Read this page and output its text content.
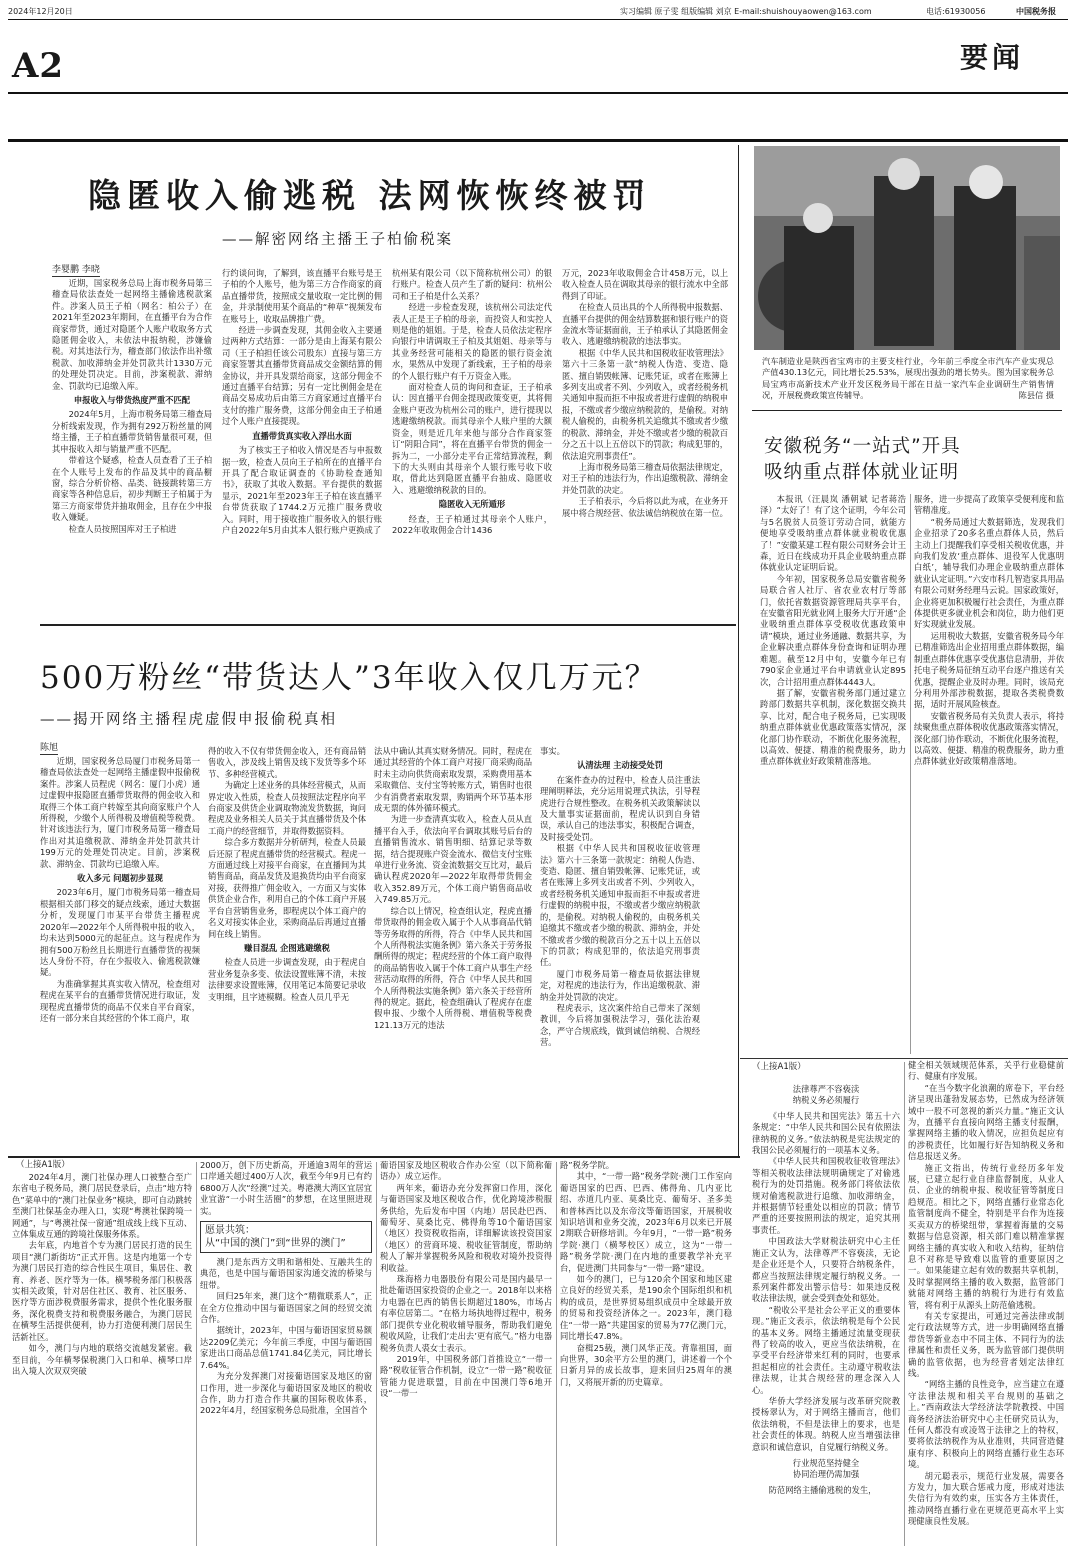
2024年12月20日	实习编辑 原子雯 组版编辑 刘京 E-mail:shuishouyaowen@163.com	电话:61930056	中国税务报
A2	要闻
隐匿收入偷逃税 法网恢恢终被罚
——解密网络主播王子柏偷税案
李婴鹏 李晓

近期，国家税务总局上海市税务局第三稽查局依法查处一起网络主播偷逃税款案件。涉案人员王子柏（网名：柏公子）在2021年至2023年期间，在直播平台为合作商家带货，通过对隐匿个人账户收取务方式隐匿佣金收入，未依法申报纳税，涉嫌偷税。对其违法行为，稽查部门依法作出补缴税款、加收滞纳金并处罚款共计1330万元的处理处罚决定。目前，涉案税款、滞纳金、罚款均已追缴入库。

申报收入与带货热度严重不匹配

2024年5月，上海市税务局第三稽查局分析线索发现，作为拥有292万粉丝量的网络主播，王子柏直播带货销售量很可观，但其申报收入却与销量严重不匹配。

带着这个疑惑，检查人员查看了王子柏在个人账号上发布的作品及其中的商品橱窗，综合分析价格、品类、链接跳转第三方商家等各种信息后，初步判断王子柏属于为第三方商家带货并抽取佣金，且存在少申报收入嫌疑。

检查人员按照国库对王子柏进

行约谈问询，了解到，该直播平台账号是王子柏的个人账号，他为第三方合作商家的商品直播带货，按照成交量收取一定比例的佣金，并录制使用某个商品的“种草”视频发布在账号上，收取品牌推广费。

经进一步调查发现，其佣金收入主要通过两种方式结算：一部分是由上海某有限公司（王子柏担任该公司股东）直接与第三方商家签署其直播带货商品成交金额结算的佣金协议，并开具发票给商家，这部分佣金不通过直播平台结算；另有一定比例佣金是在商品交易成功后由第三方商家通过直播平台支付的推广服务费，这部分佣金由王子柏通过个人账户直接提现。

直播带货真实收入浮出水面

为了核实王子柏收入情况是否与申报数据一致，检查人员向王子柏所在的直播平台开具了配合取证调查的《协助检查通知书》，获取了其收入数据。平台提供的数据显示，2021年至2023年王子柏在该直播平台带货获取了1744.2万元推广服务费收入。同时，用于接收推广服务收入的银行账户自2022年5月由其本人银行账户更换成了

杭州某有限公司（以下简称杭州公司）的银行账户。检查人员产生了新的疑问：杭州公司和王子柏是什么关系？

经进一步检查发现，该杭州公司法定代表人正是王子柏的母亲，而投资人和实控人则是他的姐姐。于是，检查人员依法定程序向银行申请调取王子柏及其姐姐、母亲等与其业务经营可能相关的隐匿的银行资金流水，果然从中发现了新线索，王子柏的母亲的个人银行账户有千万资金入账。

面对检查人员的询问和查证，王子柏承认：因直播平台佣金提现政策变更，其将佣金账户更改为杭州公司的账户，进行提现以逃避缴纳税款。而其母亲个人账户里的大额资金，则是近几年来他与部分合作商家签订“阴阳合同”，将在直播平台带货的佣金一拆为二，一小部分走平台正常结算流程，剩下的大头则由其母亲个人银行账号收下收取，借此达到隐匿直播平台抽成、隐匿收入、逃避缴纳税款的目的。

隐匿收入无所遁形

经查，王子柏通过其母亲个人账户，2022年收取佣金合计1436

万元，2023年收取佣金合计458万元，以上收入检查人员在调取其母亲的银行流水中全部得到了印证。

在检查人员出具的个人所得税申报数据、直播平台提供的佣金结算数据和银行账户的资金流水等证据面前，王子柏承认了其隐匿佣金收入、逃避缴纳税款的违法事实。

根据《中华人民共和国税收征收管理法》第六十三条第一款“纳税人伪造、变造、隐匿、擅自销毁帐簿、记账凭证，或者在账簿上多列支出或者不列、少列收入，或者经税务机关通知申报而拒不申报或者进行虚假的纳税申报，不缴或者少缴应纳税款的，是偷税。对纳税人偷税的，由税务机关追缴其不缴或者少缴的税款、滞纳金，并处不缴或者少缴的税款百分之五十以上五倍以下的罚款；构成犯罪的，依法追究刑事责任”。

上海市税务局第三稽查局依据法律规定，对王子柏的违法行为，作出追缴税款、滞纳金并处罚款的决定。

王子柏表示，今后将以此为戒，在业务开展中将合规经营、依法诚信纳税放在第一位。

汽车制造业是陕西省宝鸡市的主要支柱行业，今年前三季度全市汽车产业实现总产值430.13亿元，同比增长25.53%，展现出强劲的增长势头。图为国家税务总局宝鸡市高新技术产业开发区税务局干部在日益一家汽车企业调研生产销售情况，开展税费政策宣传辅导。	陈县信 摄
安徽税务“一站式”开具
吸纳重点群体就业证明

本报讯（汪晨岚 潘朝斌 记者蒋浩泽）“太好了！有了这个证明，今年公司与5名脱贫人员签订劳动合同，就能方便地享受吸纳重点群体就业税收优惠了！”安徽某建工程有限公司财务会计王森，近日在线成功开具企业吸纳重点群体就业认定证明后说。

今年初，国家税务总局安徽省税务局联合省人社厅、省农业农村厅等部门，依托省数据资源管理局共享平台，在安徽省阳光就业网上服务大厅开通“企业吸纳重点群体享受税收优惠政策申请”模块，通过业务通融、数据共享，为企业解决重点群体身份查询和证明办理难题。截至12月中旬，安徽今年已有790家企业通过平台申请就业认定895次，合计招用重点群体4443人。

据了解，安徽省税务部门通过建立跨部门数据共享机制，深化数据交换共享、比对，配合电子税务局，已实现吸纳重点群体就业优惠政策落实情况，深化部门协作联动，不断优化服务流程，以高效、便捷、精准的税费服务，助力重点群体就业好政策精准落地。

服务，进一步提高了政策享受便利度和监管精准度。

“税务局通过大数据筛选，发现我们企业招录了20多名重点群体人员，然后主动上门提醒我们享受相关税收优惠，并向我们发放‘重点群体、退役军人优惠明白纸’，辅导我们办理企业吸纳重点群体就业认定证明。”六安市科几智造家具用品有限公司财务经理马云说。国家政策好，企业将更加积极履行社会责任，为重点群体提供更多就业机会和岗位，助力他们更好实现就业发展。

运用税收大数据，安徽省税务局今年已精准筛选出企业招用重点群体数据，编制重点群体优惠享受优惠信息清册，并依托电子税务局征纳互动平台逐户推送有关优惠，提醒企业及时办理。同时，该局充分利用外部涉税数据，提取各类税费数据，适时开展风险核查。

安徽省税务局有关负责人表示，将持续聚焦重点群体税收优惠政策落实情况，深化部门协作联动，不断优化服务流程，以高效、便捷、精准的税费服务，助力重点群体就业好政策精准落地。

500万粉丝“带货达人”3年收入仅几万元？
——揭开网络主播程虎虚假申报偷税真相
陈旭

近期，国家税务总局厦门市税务局第一稽查局依法查处一起网络主播虚假申报偷税案件。涉案人员程虎（网名：厦门小虎）通过虚假申报隐匿直播带货取得的佣金收入和取得三个体工商户转嫁至其向商家账户个人所得税，少缴个人所得税及增值税等税费。针对该违法行为，厦门市税务局第一稽查局作出对其追缴税款、滞纳金并处罚款共计199万元的处理处罚决定。目前，涉案税款、滞纳金、罚款均已追缴入库。

收入多元 问题初步显现

2023年6月，厦门市税务局第一稽查局根据相关部门移交的疑点线索，通过大数据分析，发现厦门市某平台带货主播程虎2020年—2022年个人所得税申报的收入，均未达到5000元的起征点。这与程虎作为拥有500万粉丝且长期进行直播带货的视频达人身份不符，存在少报收入、偷逃税款嫌疑。

为准确掌握其真实收入情况，检查组对程虎在某平台的直播带货情况进行取证，发现程虎直播带货的商品不仅来自平台商家，还有一部分来自其经营的个体工商户，取

得的收入不仅有带货佣金收入，还有商品销售收入，涉及线上销售及线下发货等多个环节、多种经营模式。

为确定上述业务的具体经营模式，从而界定收入性质，检查人员按照法定程序向平台商家及供货企业调取物流发货数据，询问程虎及业务相关人员关于其直播带货及个体工商户的经营细节，并取得数据资料。

综合多方数据并分析研判，检查人员最后还原了程虎直播带货的经营模式。程虎一方面通过线上对接平台商家，在直播间为其销售商品，商品发货及退换货均由平台商家对接，获得推广佣金收入，一方面又与实体供货企业合作，利用自己的个体工商户开展平台自营销售业务，即程虎以个体工商户的名义对接实体企业，采购商品后再通过直播间在线上销售。

赚目混乱 企图逃避缴税

检查人员进一步调查发现，由于程虎自营业务复杂多变、依法设置账簿不清，未按法律要求设置账簿，仅用笔记本简要记录收支明细，且字迹模糊。检查人员几乎无

法从中确认其真实财务情况。同时，程虎在通过其经营的个体工商户对接厂商采购商品时未主动向供货商索取发票，采购费用基本采取微信、支付宝等转账方式，销售时也很少有消费者索取发票，购销两个环节基本形成无票的体外循环模式。

为进一步查清真实收入，检查人员从直播平台入手，依法向平台调取其账号后台的直播销售流水、销售明细、结算记录等数据，结合提现账户资金流水、微信支付宝账单进行业务流、资金流数据交互比对，最后确认程虎2020年—2022年取得带货佣金收入352.89万元，个体工商户销售商品收入749.85万元。

综合以上情况，检查组认定，程虎直播带货取得的佣金收入属于个人从事商品代销等劳务取得的所得，符合《中华人民共和国个人所得税法实施条例》第六条关于劳务报酬所得的规定；程虎经营的个体工商户取得的商品销售收入属于个体工商户从事生产经营活动取得的所得，符合《中华人民共和国个人所得税法实施条例》第六条关于经营所得的规定。据此，检查组确认了程虎存在虚假申报、少缴个人所得税、增值税等税费121.13万元的违法

事实。

认清法理 主动接受处罚

在案件查办的过程中，检查人员注重法理阐明释法，充分运用说理式执法，引导程虎进行合规性整改。在税务机关政策解读以及大量事实证据面前，程虎认识到自身错误，承认自己的违法事实，积极配合调查，及时接受处罚。

根据《中华人民共和国税收征收管理法》第六十三条第一款规定：纳税人伪造、变造、隐匿、擅自销毁帐簿、记账凭证，或者在账簿上多列支出或者不列、少列收入，或者经税务机关通知申报而拒不申报或者进行虚假的纳税申报，不缴或者少缴应纳税款的，是偷税。对纳税人偷税的，由税务机关追缴其不缴或者少缴的税款、滞纳金，并处不缴或者少缴的税款百分之五十以上五倍以下的罚款；构成犯罪的，依法追究刑事责任。

厦门市税务局第一稽查局依据法律规定，对程虎的违法行为，作出追缴税款、滞纳金并处罚款的决定。

程虎表示，这次案件给自己带来了深刻教训，今后将加强税法学习，强化法治观念，严守合规底线，做到诚信纳税、合规经营。

（上接A1版）

法律尊严不容亵渎

纳税义务必须履行

《中华人民共和国宪法》第五十六条规定：“中华人民共和国公民有依照法律纳税的义务。”依法纳税是宪法规定的我国公民必须履行的一项基本义务。

《中华人民共和国税收征收管理法》等相关税收法律法规明确规定了对偷逃税行为的处罚措施。税务部门将依法依规对偷逃税款进行追缴、加收滞纳金，并根据情节轻重处以相应的罚款；情节严重的还要按照刑法的规定，追究其刑事责任。

中国政法大学财税法研究中心主任施正文认为，法律尊严不容亵渎，无论是企业还是个人，只要符合纳税条件，都应当按照法律规定履行纳税义务。一系列案件都发出警示信号：如果违反税收法律法规，就会受到查处和惩处。

“税收公平是社会公平正义的重要体现。”施正文表示，依法纳税是每个公民的基本义务。网络主播通过流量变现获得了较高的收入，更应当依法纳税，在享受平台经济带来红利的同时，也要承担起相应的社会责任。主动遵守税收法律法规，让其合规经营的理念深入人心。

华侨大学经济发展与改革研究院教授杨翠认为，对于网络主播而言，他们依法纳税，不但是法律上的要求，也是社会责任的体现。纳税人应当增强法律意识和诚信意识，自觉履行纳税义务。

行业规范坚持健全

协同治理仍需加强

防范网络主播偷逃税的发生，

健全相关领域规范体系，关乎行业稳健前行、健康有序发展。

“在当今数字化浪潮的席卷下，平台经济呈现出蓬勃发展态势，已然成为经济领域中一股不可忽视的新兴力量。”施正文认为，直播平台直接向网络主播支付报酬，掌握网络主播的收入情况，应担负起应有的涉税责任，比如履行好告知纳税义务和信息报送义务。

施正文指出，传统行业经历多年发展，已建立起行业自律监督制度，从业人员、企业的纳税申报、税收征管等制度日趋规范。相比之下，网络直播行业常态化监管制度尚不健全，特别是平台作为连接买卖双方的桥梁纽带，掌握着海量的交易数据与信息资源，相关部门难以精准掌握网络主播的真实收入和收入结构，征纳信息不对称是导致难以监管的重要原因之一。如果能建立起有效的数据共享机制，及时掌握网络主播的收入数据，监管部门就能对网络主播的纳税行为进行有效监管，将有利于从源头上防范偷逃税。

有关专家提出，可通过完善法律或制定行政法规等方式，进一步明确网络直播带货等新业态中不同主体、不同行为的法律属性和责任义务，既为监管部门提供明确的监管依据，也为经营者划定法律红线。

“网络主播的良性竞争，应当建立在遵守法律法规和相关平台规则的基础之上。”西南政法大学经济法学院教授、中国商务经济法治研究中心主任研究员认为，任何人都没有或凌驾于法律之上的特权，要将依法纳税作为从业准则，共同营造健康有序、积极向上的网络直播行业生态环境。

胡元聪表示，规范行业发展，需要各方发力，加大联合惩戒力度，形成对违法失信行为有效约束，压实各方主体责任，推动网络直播行业在更规范更高水平上实现健康良性发展。

（上接A1版）

2024年4月，澳门社保办理人口被整合至广东省电子税务局，澳门居民登录后，点击“地方特色”菜单中的“澳门社保业务”模块，即可自动跳转至澳门社保基金办理入口，实现“粤澳社保跨境一网通”，与“粤澳社保一窗通”组成线上线下互动、立体集成互通的跨境社保服务体系。

去年底，内地首个专为澳门居民打造的民生项目“澳门新街坊”正式开售。这是内地第一个专为澳门居民打造的综合性民生项目，集居住、教育、养老、医疗等为一体。横琴税务部门积极落实相关政策，针对居住社区、教育、社区服务、医疗等方面涉税费服务需求，提供个性化服务服务，深化税费支持和税费服务融合，为澳门居民在横琴生活提供便利，协力打造便利澳门居民生活新社区。

如今，澳门与内地的联络交流越发紧密。截至目前，今年横琴保税澳门入口和单、横琴口岸出入境人次双双突破

2000万，创下历史新高，开通逾3周年的营运口岸通关超过400万人次，截至今年9月已有约6800万人次“经澳”过关。粤港澳大湾区宜居宜业宜游“一小时生活圈”的梦想，在这里照进现实。

愿景共筑：
从“中国的澳门”到“世界的澳门”

澳门是东西方文明和谐相处、互融共生的典范，也是中国与葡语国家沟通交流的桥梁与纽带。

回归25年来，澳门这个“精微联系人”，正在全方位推动中国与葡语国家之间的经贸交流合作。

据统计，2023年，中国与葡语国家贸易额达2209亿美元；今年前三季度，中国与葡语国家进出口商品总值1741.84亿美元，同比增长7.64%。

为充分发挥澳门对接葡语国家及地区的窗口作用，进一步深化与葡语国家及地区的税收合作，助力打造合作共赢的国际税收体系，2022年4月，经国家税务总局批准，全国首个

葡语国家及地区税收合作办公室（以下简称葡语办）成立运作。

两年来，葡语办充分发挥窗口作用，深化与葡语国家及地区税收合作，优化跨境涉税服务供给，先后发布中国（内地）居民赴巴西、葡萄牙、莫桑比克、佛得角等10个葡语国家（地区）投资税收指南，详细解读该投资国家（地区）的营商环境、税收征管制度，帮助纳税人了解并掌握税务风险和税收对境外投资得利收益。

珠海格力电器股份有限公司是国内最早一批赴葡语国家投资的企业之一。2018年以来格力电器在巴西的销售长期超过180%，市场占有率位居第二。“在格力场执地得过程中，税务部门提供专业化税收辅导服务，帮助我们避免税收风险，让我们‘走出去’更有底气。”格力电器税务负责人裘女士表示。

2019年，中国税务部门首推设立“一带一路”税收征管合作机制，设立“一带一路”税收征管能力促进联盟，目前在中国澳门等6地开设“一带一

路”税务学院。

其中，“一带一路”税务学院·澳门工作室向葡语国家的巴西、巴西、佛得角、几内亚比绍、赤道几内亚、莫桑比克、葡萄牙、圣多美和普林西比以及东帝汶等葡语国家，开展税收知识培训和业务交流，2023年6月以来已开展2期联合研修培训。今年9月，“一带一路”税务学院·澳门（横琴校区）成立，这为“一带一路”税务学院·澳门在内地的重要教学补充平台，促进澳门共同参与“一带一路”建设。

如今的澳门，已与120余个国家和地区建立良好的经贸关系，是190余个国际组织和机构的成员，是世界贸易组织成员中全球最开放的贸易和投资经济体之一。2023年，澳门稳住“一带一路”共建国家的贸易为77亿澳门元，同比增长47.8%。

奋楫25载，澳门风华正茂。背靠祖国，面向世界，30余平方公里的澳门，讲述着一个个日新月异的成长故事，迎来回归25周年的澳门，又将展开新的历史篇章。
